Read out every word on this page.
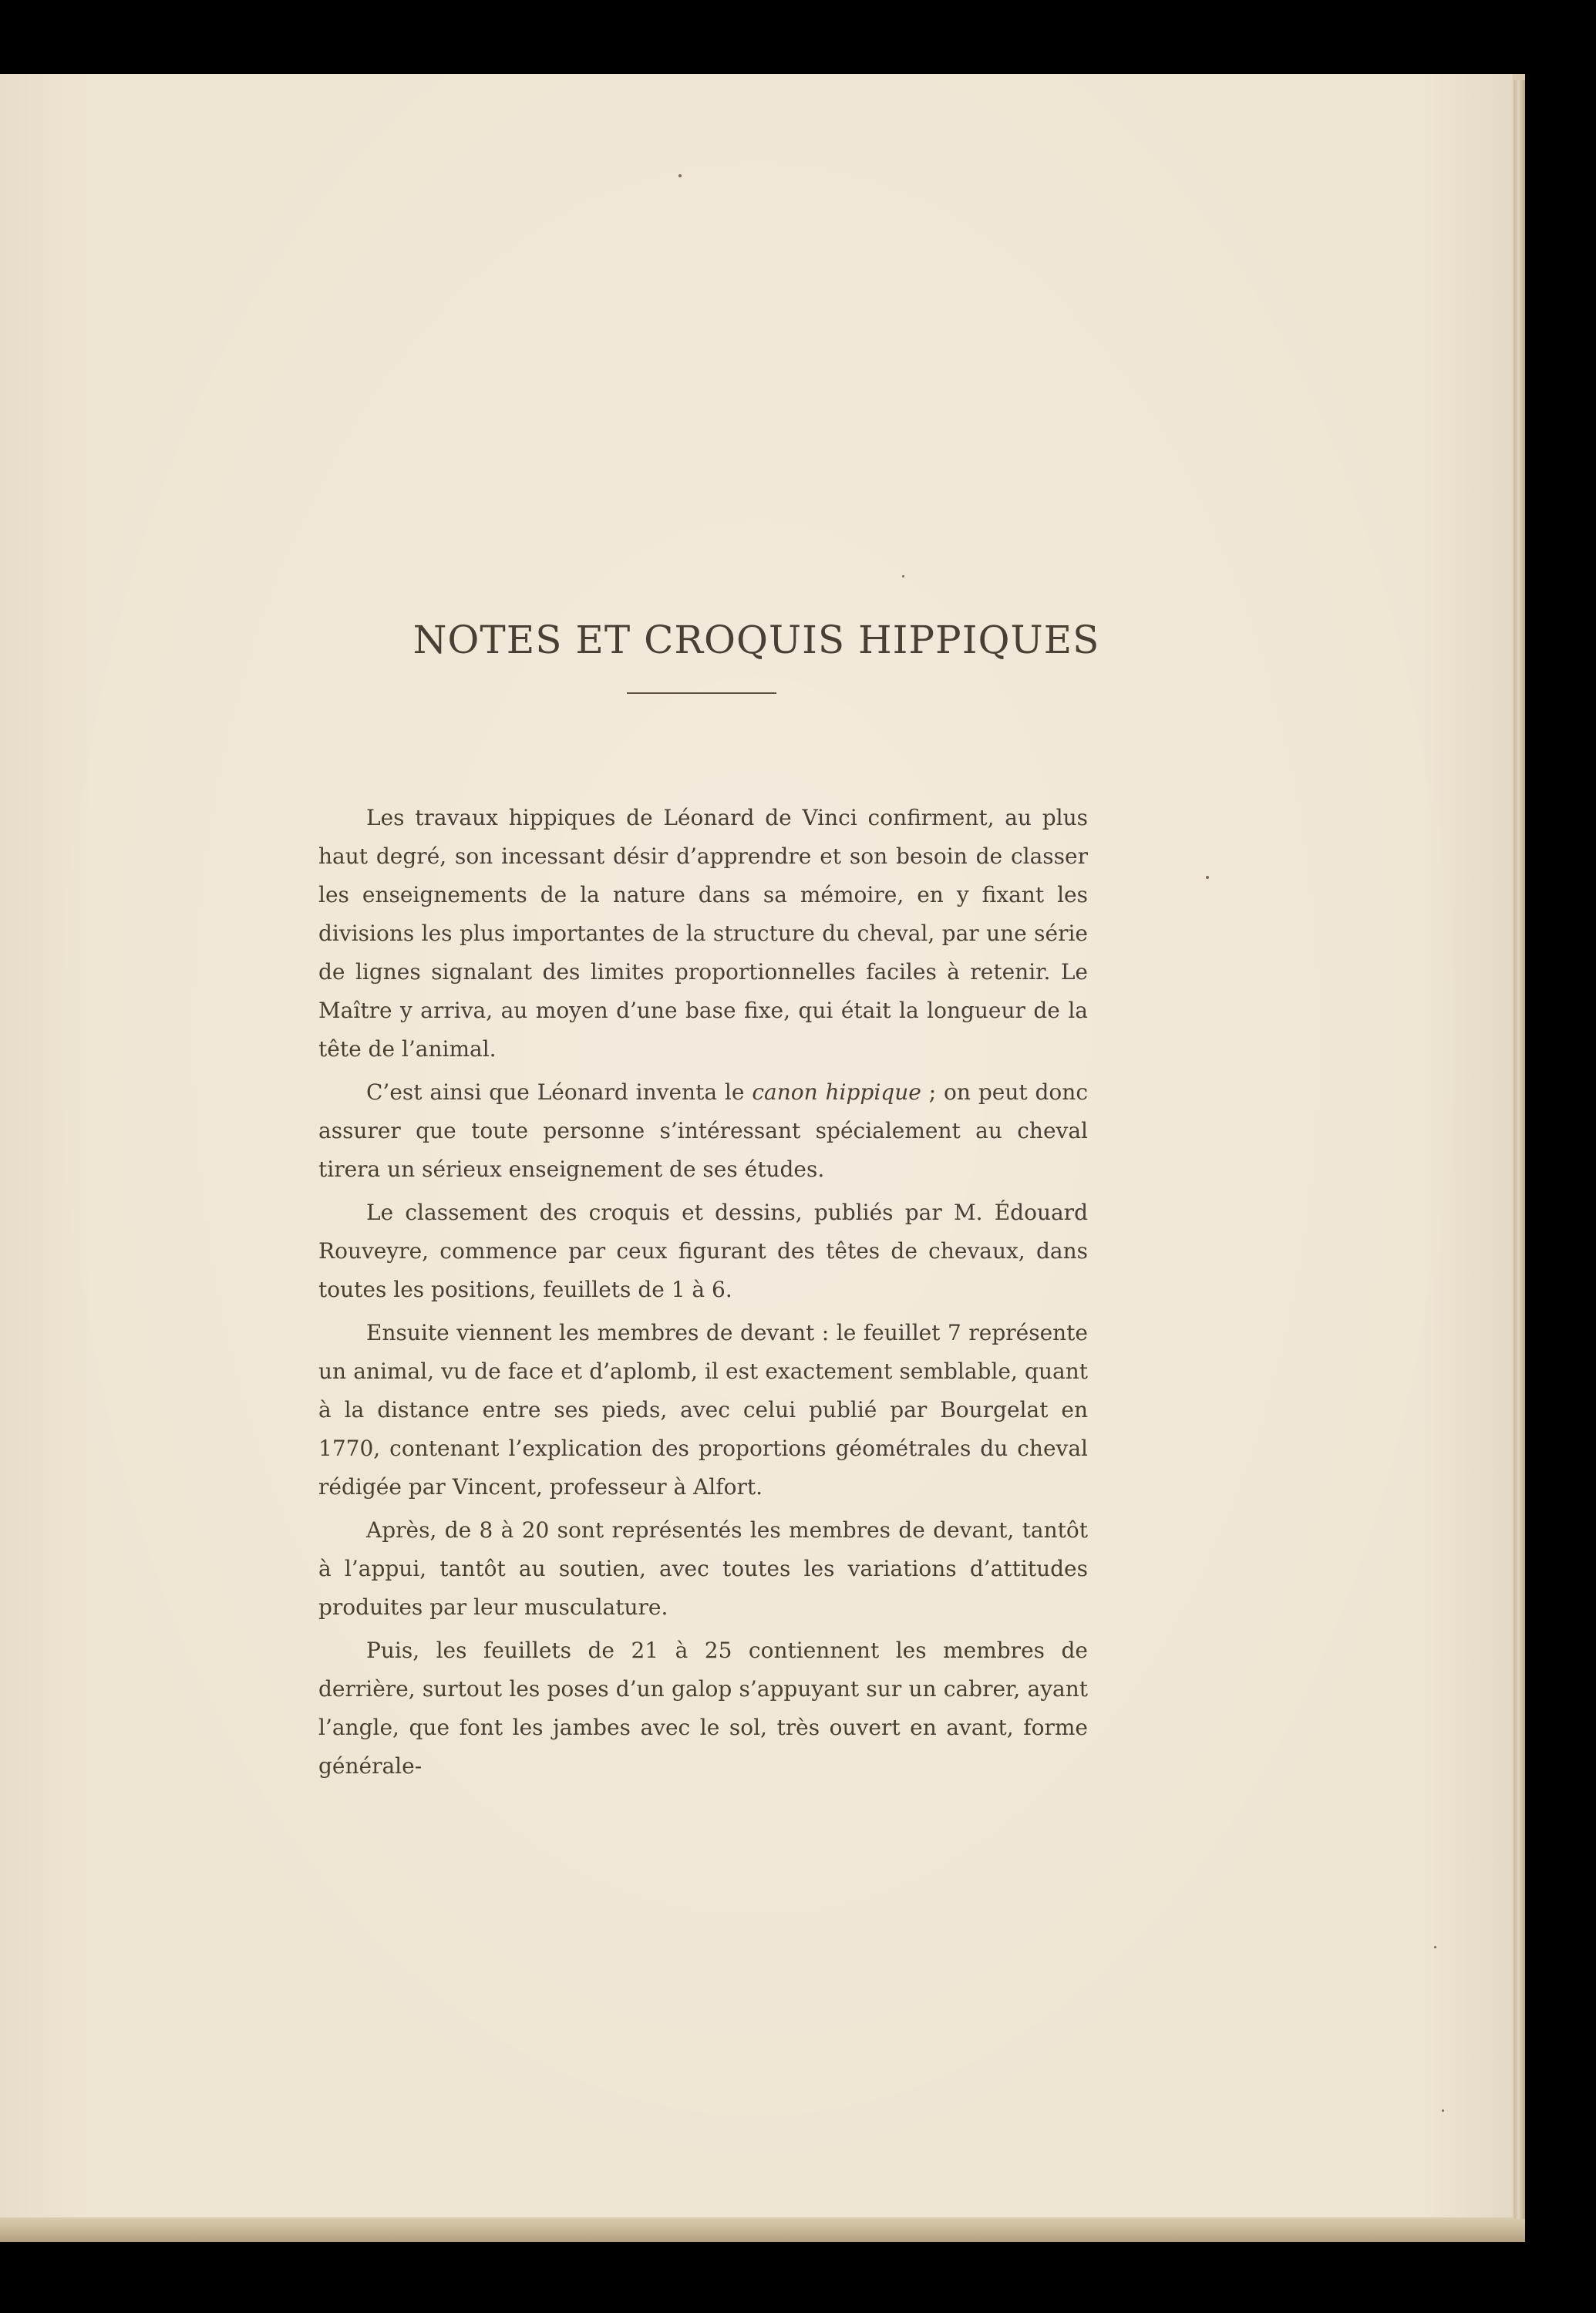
NOTES ET CROQUIS HIPPIQUES

Les travaux hippiques de Léonard de Vinci confirment, au plus haut degré, son incessant désir d’apprendre et son besoin de classer les enseignements de la nature dans sa mémoire, en y fixant les divisions les plus importantes de la structure du cheval, par une série de lignes signalant des limites proportionnelles faciles à retenir. Le Maître y arriva, au moyen d’une base fixe, qui était la longueur de la tête de l’animal.

C’est ainsi que Léonard inventa le canon hippique ; on peut donc assurer que toute personne s’intéressant spécialement au cheval tirera un sérieux enseignement de ses études.

Le classement des croquis et dessins, publiés par M. Édouard Rouveyre, commence par ceux figurant des têtes de chevaux, dans toutes les positions, feuillets de 1 à 6.

Ensuite viennent les membres de devant : le feuillet 7 représente un animal, vu de face et d’aplomb, il est exactement semblable, quant à la distance entre ses pieds, avec celui publié par Bourgelat en 1770, contenant l’explication des proportions géométrales du cheval rédigée par Vincent, professeur à Alfort.

Après, de 8 à 20 sont représentés les membres de devant, tantôt à l’appui, tantôt au soutien, avec toutes les variations d’attitudes produites par leur musculature.

Puis, les feuillets de 21 à 25 contiennent les membres de derrière, surtout les poses d’un galop s’appuyant sur un cabrer, ayant l’angle, que font les jambes avec le sol, très ouvert en avant, forme générale-
